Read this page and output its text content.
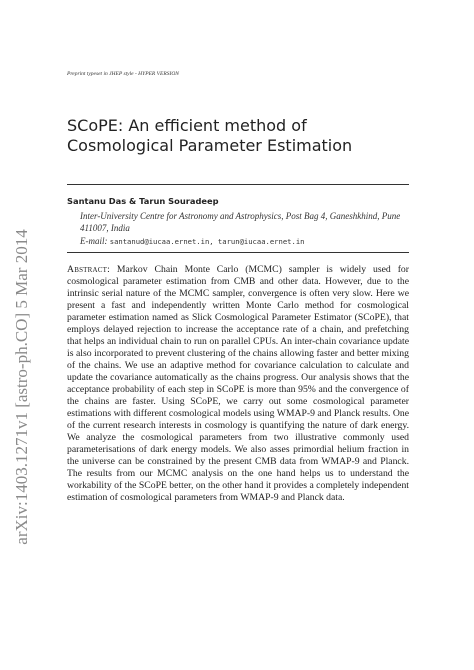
arXiv:1403.1271v1 [astro-ph.CO] 5 Mar 2014
Preprint typeset in JHEP style - HYPER VERSION
SCoPE: An efficient method of Cosmological Parameter Estimation
Santanu Das & Tarun Souradeep
Inter-University Centre for Astronomy and Astrophysics, Post Bag 4, Ganeshkhind, Pune 411007, India
E-mail: santanud@iucaa.ernet.in, tarun@iucaa.ernet.in

Abstract: Markov Chain Monte Carlo (MCMC) sampler is widely used for cosmological parameter estimation from CMB and other data. However, due to the intrinsic serial nature of the MCMC sampler, convergence is often very slow. Here we present a fast and independently written Monte Carlo method for cosmological parameter estimation named as Slick Cosmological Parameter Estimator (SCoPE), that employs delayed rejection to increase the acceptance rate of a chain, and prefetching that helps an individual chain to run on parallel CPUs. An inter-chain covariance update is also incorporated to prevent clustering of the chains allowing faster and better mixing of the chains. We use an adaptive method for covariance calculation to calculate and update the covariance automatically as the chains progress. Our analysis shows that the acceptance probability of each step in SCoPE is more than 95% and the convergence of the chains are faster. Using SCoPE, we carry out some cosmological parameter estimations with different cosmological models using WMAP-9 and Planck results. One of the current research interests in cosmology is quantifying the nature of dark energy. We analyze the cosmological parameters from two illustrative commonly used parameterisations of dark energy models. We also asses primordial helium fraction in the universe can be constrained by the present CMB data from WMAP-9 and Planck. The results from our MCMC analysis on the one hand helps us to understand the workability of the SCoPE better, on the other hand it provides a completely independent estimation of cosmological parameters from WMAP-9 and Planck data.
